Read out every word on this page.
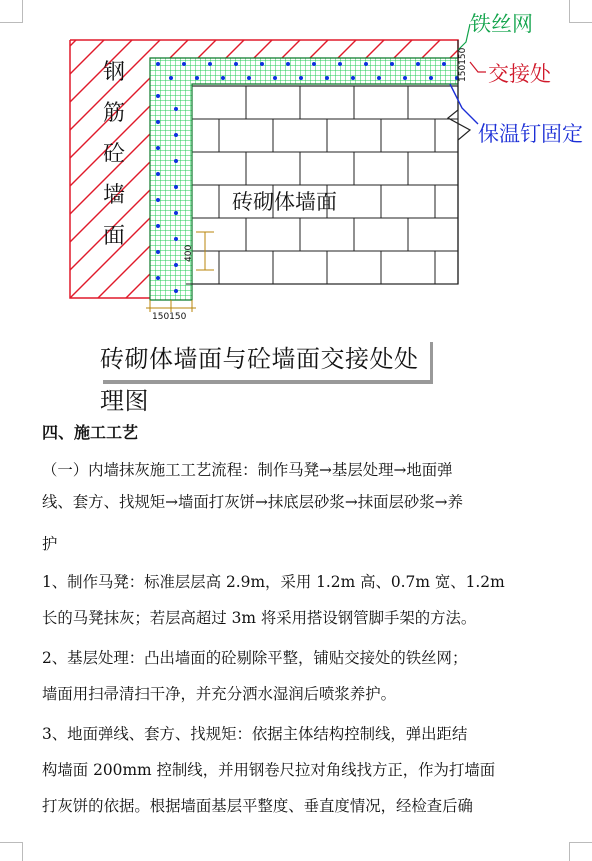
钢
筋
砼
墙
面
砖砌体墙面
铁丝网
交接处
保温钉固定
150150
150150
400
砖砌体墙面与砼墙面交接处处理图
四、施工工艺
（一）内墙抹灰施工工艺流程：制作马凳→基层处理→地面弹
线、套方、找规矩→墙面打灰饼→抹底层砂浆→抹面层砂浆→养
护
1、制作马凳：标准层层高 2.9m，采用 1.2m 高、0.7m 宽、1.2m
长的马凳抹灰；若层高超过 3m 将采用搭设钢管脚手架的方法。
2、基层处理：凸出墙面的砼剔除平整，铺贴交接处的铁丝网；
墙面用扫帚清扫干净，并充分洒水湿润后喷浆养护。
3、地面弹线、套方、找规矩：依据主体结构控制线，弹出距结
构墙面 200mm 控制线，并用钢卷尺拉对角线找方正，作为打墙面
打灰饼的依据。根据墙面基层平整度、垂直度情况，经检查后确
